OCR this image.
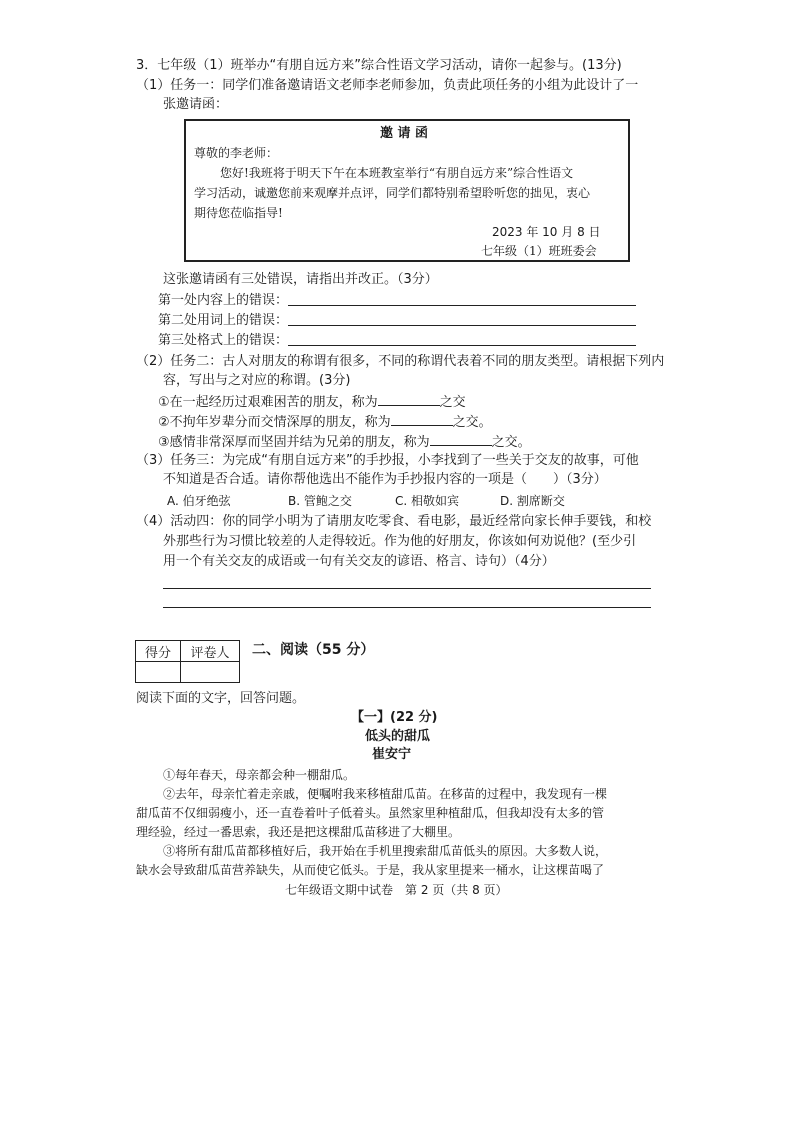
3．七年级（1）班举办“有朋自远方来”综合性语文学习活动，请你一起参与。(13分)
（1）任务一：同学们准备邀请语文老师李老师参加，负责此项任务的小组为此设计了一
张邀请函：
邀 请 函
尊敬的李老师：
您好!我班将于明天下午在本班教室举行“有朋自远方来”综合性语文
学习活动，诚邀您前来观摩并点评，同学们都特别希望聆听您的拙见，衷心
期待您莅临指导!
2023 年 10 月 8 日
七年级（1）班班委会
这张邀请函有三处错误，请指出并改正。（3分）
第一处内容上的错误：
第二处用词上的错误：
第三处格式上的错误：
（2）任务二：古人对朋友的称谓有很多，不同的称谓代表着不同的朋友类型。请根据下列内
容，写出与之对应的称谓。(3分)
①在一起经历过艰难困苦的朋友，称为	之交
②不拘年岁辈分而交情深厚的朋友，称为	之交。
③感情非常深厚而坚固并结为兄弟的朋友，称为	之交。
（3）任务三：为完成“有朋自远方来”的手抄报，小李找到了一些关于交友的故事，可他
不知道是否合适。请你帮他选出不能作为手抄报内容的一项是（　　）（3分）
A. 伯牙绝弦	B. 管鲍之交	C. 相敬如宾	D. 割席断交
（4）活动四：你的同学小明为了请朋友吃零食、看电影，最近经常向家长伸手要钱，和校
外那些行为习惯比较差的人走得较近。作为他的好朋友，你该如何劝说他？(至少引
用一个有关交友的成语或一句有关交友的谚语、格言、诗句）（4分）
得分	评卷人
	二、阅读（55 分）
阅读下面的文字，回答问题。
【一】(22 分)
低头的甜瓜
崔安宁
①每年春天，母亲都会种一棚甜瓜。
②去年，母亲忙着走亲戚，便嘱咐我来移植甜瓜苗。在移苗的过程中，我发现有一棵
甜瓜苗不仅细弱瘦小，还一直卷着叶子低着头。虽然家里种植甜瓜，但我却没有太多的管
理经验，经过一番思索，我还是把这棵甜瓜苗移进了大棚里。
③将所有甜瓜苗都移植好后，我开始在手机里搜索甜瓜苗低头的原因。大多数人说，
缺水会导致甜瓜苗营养缺失，从而使它低头。于是，我从家里提来一桶水，让这棵苗喝了
七年级语文期中试卷　第 2 页（共 8 页）
